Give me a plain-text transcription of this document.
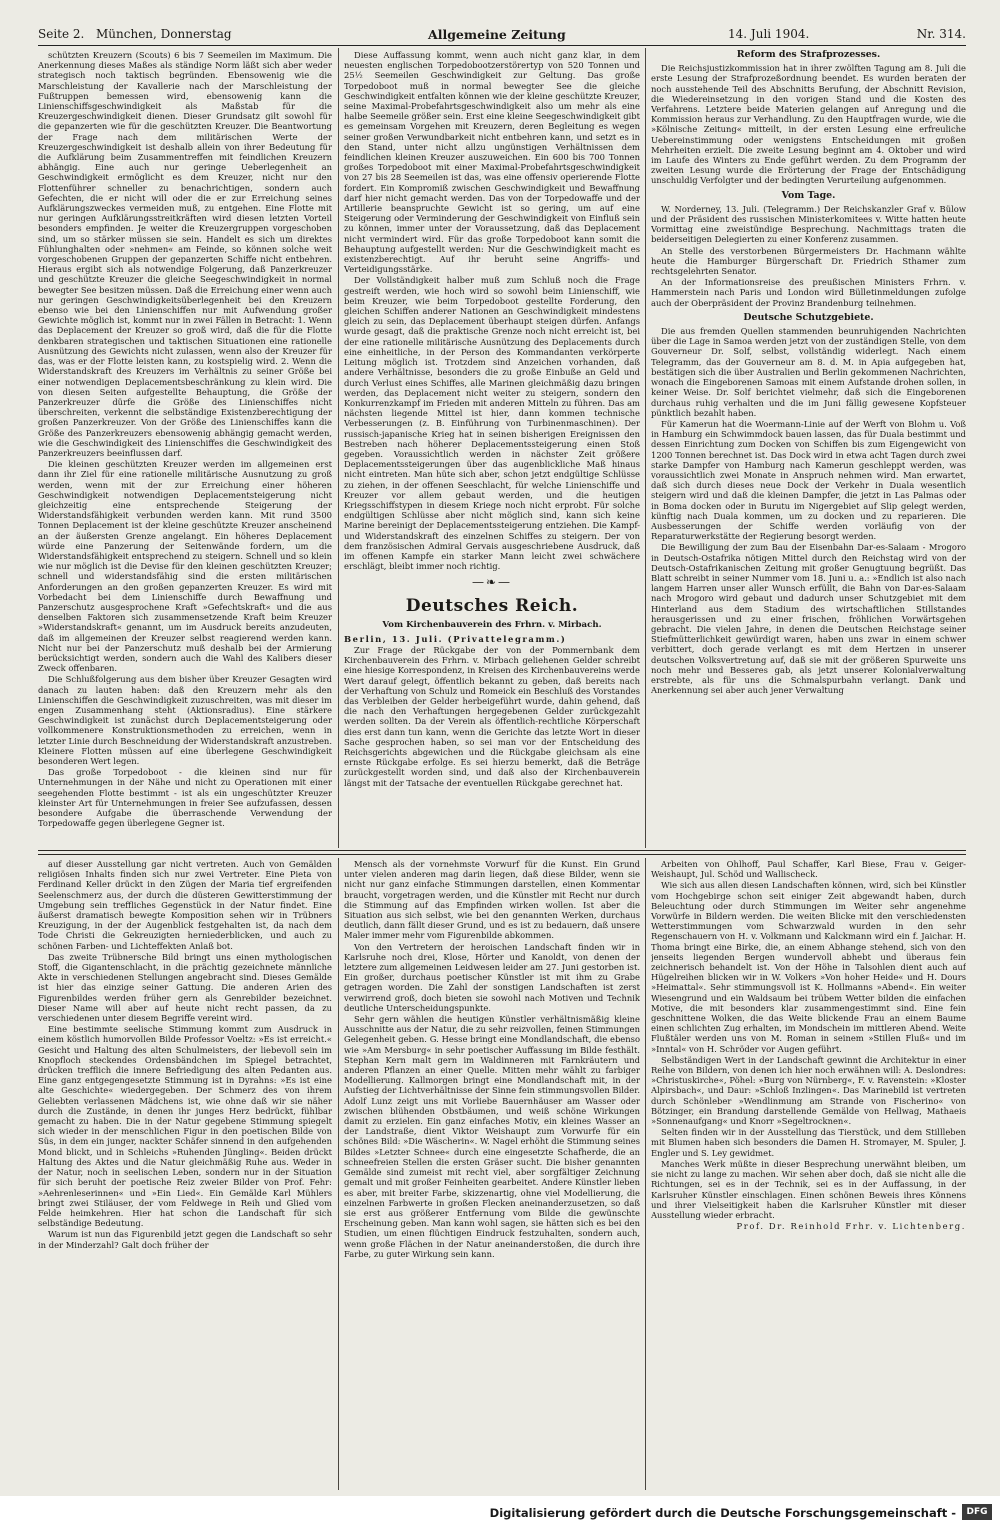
Seite 2. München, Donnerstag	Allgemeine Zeitung	14. Juli 1904.	Nr. 314.

schützten Kreuzern (Scouts) 6 bis 7 Seemeilen im Maximum. Die Anerkennung dieses Maßes als ständige Norm läßt sich aber weder strategisch noch taktisch begründen. Ebensowenig wie die Marschleistung der Kavallerie nach der Marschleistung der Fußtruppen bemessen wird, ebensowenig kann die Linienschiffsgeschwindigkeit als Maßstab für die Kreuzergeschwindigkeit dienen. Dieser Grundsatz gilt sowohl für die gepanzerten wie für die geschützten Kreuzer. Die Beantwortung der Frage nach dem militärischen Werte der Kreuzergeschwindigkeit ist deshalb allein von ihrer Bedeutung für die Aufklärung beim Zusammentreffen mit feindlichen Kreuzern abhängig. Eine auch nur geringe Ueberlegenheit an Geschwindigkeit ermöglicht es dem Kreuzer, nicht nur den Flottenführer schneller zu benachrichtigen, sondern auch Gefechten, die er nicht will oder die er zur Erreichung seines Aufklärungszweckes vermeiden muß, zu entgehen. Eine Flotte mit nur geringen Aufklärungsstreitkräften wird diesen letzten Vorteil besonders empfinden. Je weiter die Kreuzergruppen vorgeschoben sind, um so stärker müssen sie sein. Handelt es sich um direktes Fühlunghalten oder »nehmen« am Feinde, so können solche weit vorgeschobenen Gruppen der gepanzerten Schiffe nicht entbehren. Hieraus ergibt sich als notwendige Folgerung, daß Panzerkreuzer und geschützte Kreuzer die gleiche Seegeschwindigkeit in normal bewegter See besitzen müssen. Daß die Erreichung einer wenn auch nur geringen Geschwindigkeitsüberlegenheit bei den Kreuzern ebenso wie bei den Linienschiffen nur mit Aufwendung großer Gewichte möglich ist, kommt nur in zwei Fällen in Betracht: 1. Wenn das Deplacement der Kreuzer so groß wird, daß die für die Flotte denkbaren strategischen und taktischen Situationen eine rationelle Ausnützung des Gewichts nicht zulassen, wenn also der Kreuzer für das, was er der Flotte leisten kann, zu kostspielig wird. 2. Wenn die Widerstandskraft des Kreuzers im Verhältnis zu seiner Größe bei einer notwendigen Deplacementsbeschränkung zu klein wird. Die von diesen Seiten aufgestellte Behauptung, die Größe der Panzerkreuzer dürfe die Größe des Linienschiffes nicht überschreiten, verkennt die selbständige Existenzberechtigung der großen Panzerkreuzer. Von der Größe des Linienschiffes kann die Größe des Panzerkreuzers ebensowenig abhängig gemacht werden, wie die Geschwindigkeit des Linienschiffes die Geschwindigkeit des Panzerkreuzers beeinflussen darf.

Die kleinen geschützten Kreuzer werden im allgemeinen erst dann ihr Ziel für eine rationelle militärische Ausnutzung zu groß werden, wenn mit der zur Erreichung einer höheren Geschwindigkeit notwendigen Deplacementsteigerung nicht gleichzeitig eine entsprechende Steigerung der Widerstandsfähigkeit verbunden werden kann. Mit rund 3500 Tonnen Deplacement ist der kleine geschützte Kreuzer anscheinend an der äußersten Grenze angelangt. Ein höheres Deplacement würde eine Panzerung der Seitenwände fordern, um die Widerstandsfähigkeit entsprechend zu steigern. Schnell und so klein wie nur möglich ist die Devise für den kleinen geschützten Kreuzer; schnell und widerstandsfähig sind die ersten militärischen Anforderungen an den großen gepanzerten Kreuzer. Es wird mit Vorbedacht bei dem Linienschiffe durch Bewaffnung und Panzerschutz ausgesprochene Kraft »Gefechtskraft« und die aus denselben Faktoren sich zusammensetzende Kraft beim Kreuzer »Widerstandskraft« genannt, um im Ausdruck bereits anzudeuten, daß im allgemeinen der Kreuzer selbst reagierend werden kann. Nicht nur bei der Panzerschutz muß deshalb bei der Armierung berücksichtigt werden, sondern auch die Wahl des Kalibers dieser Zweck offenbaren.

Die Schlußfolgerung aus dem bisher über Kreuzer Gesagten wird danach zu lauten haben: daß den Kreuzern mehr als den Linienschiffen die Geschwindigkeit zuzuschreiten, was mit dieser im engen Zusammenhang steht (Aktionsradius). Eine stärkere Geschwindigkeit ist zunächst durch Deplacementsteigerung oder vollkommenere Konstruktionsmethoden zu erreichen, wenn in letzter Linie durch Beschneidung der Widerstandskraft anzustreben. Kleinere Flotten müssen auf eine überlegene Geschwindigkeit besonderen Wert legen.

Das große Torpedoboot - die kleinen sind nur für Unternehmungen in der Nähe und nicht zu Operationen mit einer seegehenden Flotte bestimmt - ist als ein ungeschützter Kreuzer kleinster Art für Unternehmungen in freier See aufzufassen, dessen besondere Aufgabe die überraschende Verwendung der Torpedowaffe gegen überlegene Gegner ist.

Diese Auffassung kommt, wenn auch nicht ganz klar, in dem neuesten englischen Torpedobootzerstörertyp von 520 Tonnen und 25½ Seemeilen Geschwindigkeit zur Geltung. Das große Torpedoboot muß in normal bewegter See die gleiche Geschwindigkeit entfalten können wie der kleine geschützte Kreuzer, seine Maximal-Probefahrtsgeschwindigkeit also um mehr als eine halbe Seemeile größer sein. Erst eine kleine Seegeschwindigkeit gibt es gemeinsam Vorgehen mit Kreuzern, deren Begleitung es wegen seiner großen Verwundbarkeit nicht entbehren kann, und setzt es in den Stand, unter nicht allzu ungünstigen Verhältnissen dem feindlichen kleinen Kreuzer auszuweichen. Ein 600 bis 700 Tonnen großes Torpedoboot mit einer Maximal-Probefahrtsgeschwindigkeit von 27 bis 28 Seemeilen ist das, was eine offensiv operierende Flotte fordert. Ein Kompromiß zwischen Geschwindigkeit und Bewaffnung darf hier nicht gemacht werden. Das von der Torpedowaffe und der Artillerie beanspruchte Gewicht ist so gering, um auf eine Steigerung oder Verminderung der Geschwindigkeit von Einfluß sein zu können, immer unter der Voraussetzung, daß das Deplacement nicht vermindert wird. Für das große Torpedoboot kann somit die Behauptung aufgestellt werden: Nur die Geschwindigkeit macht es existenzberechtigt. Auf ihr beruht seine Angriffs- und Verteidigungsstärke.

Der Vollständigkeit halber muß zum Schluß noch die Frage gestreift werden, wie hoch wird so sowohl beim Linienschiff, wie beim Kreuzer, wie beim Torpedoboot gestellte Forderung, den gleichen Schiffen anderer Nationen an Geschwindigkeit mindestens gleich zu sein, das Deplacement überhaupt steigen dürfen. Anfangs wurde gesagt, daß die praktische Grenze noch nicht erreicht ist, bei der eine rationelle militärische Ausnützung des Deplacements durch eine einheitliche, in der Person des Kommandanten verkörperte Leitung möglich ist. Trotzdem sind Anzeichen vorhanden, daß andere Verhältnisse, besonders die zu große Einbuße an Geld und durch Verlust eines Schiffes, alle Marinen gleichmäßig dazu bringen werden, das Deplacement nicht weiter zu steigern, sondern den Konkurrenzkampf im Frieden mit anderen Mitteln zu führen. Das am nächsten liegende Mittel ist hier, dann kommen technische Verbesserungen (z. B. Einführung von Turbinenmaschinen). Der russisch-japanische Krieg hat in seinen bisherigen Ereignissen den Bestreben nach höherer Deplacementssteigerung einen Stoß gegeben. Voraussichtlich werden in nächster Zeit größere Deplacementssteigerungen über das augenblickliche Maß hinaus nicht eintreten. Man hüte sich aber, schon jetzt endgültige Schlüsse zu ziehen, in der offenen Seeschlacht, für welche Linienschiffe und Kreuzer vor allem gebaut werden, und die heutigen Kriegsschiffstypen in diesem Kriege noch nicht erprobt. Für solche endgültigen Schlüsse aber nicht möglich sind, kann sich keine Marine bereinigt der Deplacementssteigerung entziehen. Die Kampf- und Widerstandskraft des einzelnen Schiffes zu steigern. Der von dem französischen Admiral Gervais ausgeschriebene Ausdruck, daß im offenen Kampfe ein starker Mann leicht zwei schwächere erschlägt, bleibt immer noch richtig.

—❧—
Deutsches Reich.
Vom Kirchenbauverein des Frhrn. v. Mirbach.

Berlin, 13. Juli. (Privattelegramm.)

Zur Frage der Rückgabe der von der Pommernbank dem Kirchenbauverein des Frhrn. v. Mirbach geliehenen Gelder schreibt eine hiesige Korrespondenz, in Kreisen des Kirchenbauvereins werde Wert darauf gelegt, öffentlich bekannt zu geben, daß bereits nach der Verhaftung von Schulz und Romeick ein Beschluß des Vorstandes das Verbleiben der Gelder herbeigeführt wurde, dahin gehend, daß die nach den Verhaftungen hergegebenen Gelder zurückgezahlt werden sollten. Da der Verein als öffentlich-rechtliche Körperschaft dies erst dann tun kann, wenn die Gerichte das letzte Wort in dieser Sache gesprochen haben, so sei man vor der Entscheidung des Reichsgerichts abgewichen und die Rückgabe gleichsam als eine ernste Rückgabe erfolge. Es sei hierzu bemerkt, daß die Beträge zurückgestellt worden sind, und daß also der Kirchenbauverein längst mit der Tatsache der eventuellen Rückgabe gerechnet hat.

Reform des Strafprozesses.

Die Reichsjustizkommission hat in ihrer zwölften Tagung am 8. Juli die erste Lesung der Strafprozeßordnung beendet. Es wurden beraten der noch ausstehende Teil des Abschnitts Berufung, der Abschnitt Revision, die Wiedereinsetzung in den vorigen Stand und die Kosten des Verfahrens. Letztere beide Materien gelangen auf Anregung und die Kommission heraus zur Verhandlung. Zu den Hauptfragen wurde, wie die »Kölnische Zeitung« mitteilt, in der ersten Lesung eine erfreuliche Uebereinstimmung oder wenigstens Entscheidungen mit großen Mehrheiten erzielt. Die zweite Lesung beginnt am 4. Oktober und wird im Laufe des Winters zu Ende geführt werden. Zu dem Programm der zweiten Lesung wurde die Erörterung der Frage der Entschädigung unschuldig Verfolgter und der bedingten Verurteilung aufgenommen.

Vom Tage.

W. Norderney, 13. Juli. (Telegramm.) Der Reichskanzler Graf v. Bülow und der Präsident des russischen Ministerkomitees v. Witte hatten heute Vormittag eine zweistündige Besprechung. Nachmittags traten die beiderseitigen Delegierten zu einer Konferenz zusammen.

An Stelle des verstorbenen Bürgermeisters Dr. Hachmann wählte heute die Hamburger Bürgerschaft Dr. Friedrich Sthamer zum rechtsgelehrten Senator.

An der Informationsreise des preußischen Ministers Frhrn. v. Hammerstein nach Paris und London wird Bülletinmeldungen zufolge auch der Oberpräsident der Provinz Brandenburg teilnehmen.

Deutsche Schutzgebiete.

Die aus fremden Quellen stammenden beunruhigenden Nachrichten über die Lage in Samoa werden jetzt von der zuständigen Stelle, von dem Gouverneur Dr. Solf, selbst, vollständig widerlegt. Nach einem Telegramm, das der Gouverneur am 8. d. M. in Apia aufgegeben hat, bestätigen sich die über Australien und Berlin gekommenen Nachrichten, wonach die Eingeborenen Samoas mit einem Aufstande drohen sollen, in keiner Weise. Dr. Solf berichtet vielmehr, daß sich die Eingeborenen durchaus ruhig verhalten und die im Juni fällig gewesene Kopfsteuer pünktlich bezahlt haben.

Für Kamerun hat die Woermann-Linie auf der Werft von Blohm u. Voß in Hamburg ein Schwimmdock bauen lassen, das für Duala bestimmt und dessen Einrichtung zum Docken von Schiffen bis zum Eigengewicht von 1200 Tonnen berechnet ist. Das Dock wird in etwa acht Tagen durch zwei starke Dampfer von Hamburg nach Kamerun geschleppt werden, was voraussichtlich zwei Monate in Anspruch nehmen wird. Man erwartet, daß sich durch dieses neue Dock der Verkehr in Duala wesentlich steigern wird und daß die kleinen Dampfer, die jetzt in Las Palmas oder in Boma docken oder in Burutu im Nigergebiet auf Slip gelegt werden, künftig nach Duala kommen, um zu docken und zu reparieren. Die Ausbesserungen der Schiffe werden vorläufig von der Reparaturwerkstätte der Regierung besorgt werden.

Die Bewilligung der zum Bau der Eisenbahn Dar-es-Salaam - Mrogoro in Deutsch-Ostafrika nötigen Mittel durch den Reichstag wird von der Deutsch-Ostafrikanischen Zeitung mit großer Genugtuung begrüßt. Das Blatt schreibt in seiner Nummer vom 18. Juni u. a.: »Endlich ist also nach langem Harren unser aller Wunsch erfüllt, die Bahn von Dar-es-Salaam nach Mrogoro wird gebaut und dadurch unser Schutzgebiet mit dem Hinterland aus dem Stadium des wirtschaftlichen Stillstandes herausgerissen und zu einer frischen, fröhlichen Vorwärtsgehen gebracht. Die vielen Jahre, in denen die Deutschen Reichstage seiner Stiefmütterlichkeit gewürdigt waren, haben uns zwar in einem schwer verbittert, doch gerade verlangt es mit dem Hertzen in unserer deutschen Volksvertretung auf, daß sie mit der größeren Spurweite uns noch mehr und Besseres gab, als jetzt unserer Kolonialverwaltung erstrebte, als für uns die Schmalspurbahn verlangt. Dank und Anerkennung sei aber auch jener Verwaltung

auf dieser Ausstellung gar nicht vertreten. Auch von Gemälden religiösen Inhalts finden sich nur zwei Vertreter. Eine Pieta von Ferdinand Keller drückt in den Zügen der Maria tief ergreifenden Seelenschmerz aus, der durch die düsteren Gewitterstimmung der Umgebung sein treffliches Gegenstück in der Natur findet. Eine äußerst dramatisch bewegte Komposition sehen wir in Trübners Kreuzigung, in der der Augenblick festgehalten ist, da nach dem Tode Christi die Gekreuzigten herniederblicken, und auch zu schönen Farben- und Lichteffekten Anlaß bot.

Das zweite Trübnersche Bild bringt uns einen mythologischen Stoff, die Gigantenschlacht, in die prächtig gezeichnete männliche Akte in verschiedenen Stellungen angebracht sind. Dieses Gemälde ist hier das einzige seiner Gattung. Die anderen Arien des Figurenbildes werden früher gern als Genrebilder bezeichnet. Dieser Name will aber auf heute nicht recht passen, da zu verschiedenen unter diesem Begriffe vereint wird.

Eine bestimmte seelische Stimmung kommt zum Ausdruck in einem köstlich humorvollen Bilde Professor Voeltz: »Es ist erreicht.« Gesicht und Haltung des alten Schulmeisters, der liebevoll sein im Knopfloch steckendes Ordensbändchen im Spiegel betrachtet, drücken trefflich die innere Befriedigung des alten Pedanten aus. Eine ganz entgegengesetzte Stimmung ist in Dyrahns: »Es ist eine alte Geschichte« wiedergegeben. Der Schmerz des von ihrem Geliebten verlassenen Mädchens ist, wie ohne daß wir sie näher durch die Zustände, in denen ihr junges Herz bedrückt, fühlbar gemacht zu haben. Die in der Natur gegebene Stimmung spiegelt sich wieder in der menschlichen Figur in den poetischen Bilde von Süs, in dem ein junger, nackter Schäfer sinnend in den aufgehenden Mond blickt, und in Schleichs »Ruhenden Jüngling«. Beiden drückt Haltung des Aktes und die Natur gleichmäßig Ruhe aus. Weder in der Natur, noch in seelischen Leben, sondern nur in der Situation für sich beruht der poetische Reiz zweier Bilder von Prof. Fehr: »Aehrenleserinnen« und »Ein Lied«. Ein Gemälde Karl Mühlers bringt zwei Stiläuser, der vom Feldwege in Reih und Glied vom Felde heimkehren. Hier hat schon die Landschaft für sich selbständige Bedeutung.

Warum ist nun das Figurenbild jetzt gegen die Landschaft so sehr in der Minderzahl? Galt doch früher der

Mensch als der vornehmste Vorwurf für die Kunst. Ein Grund unter vielen anderen mag darin liegen, daß diese Bilder, wenn sie nicht nur ganz einfache Stimmungen darstellen, einen Kommentar braucht, vorgetragen werden, und die Künstler mit Recht nur durch die Stimmung auf das Empfinden wirken wollen. Ist aber die Situation aus sich selbst, wie bei den genannten Werken, durchaus deutlich, dann fällt dieser Grund, und es ist zu bedauern, daß unsere Maler immer mehr vom Figurenbilde abkommen.

Von den Vertretern der heroischen Landschaft finden wir in Karlsruhe noch drei, Klose, Hörter und Kanoldt, von denen der letztere zum allgemeinen Leidwesen leider am 27. Juni gestorben ist. Ein großer, durchaus poetischer Künstler ist mit ihm zu Grabe getragen worden. Die Zahl der sonstigen Landschaften ist zerst verwirrend groß, doch bieten sie sowohl nach Motiven und Technik deutliche Unterscheidungspunkte.

Sehr gern wählen die heutigen Künstler verhältnismäßig kleine Ausschnitte aus der Natur, die zu sehr reizvollen, feinen Stimmungen Gelegenheit geben. G. Hesse bringt eine Mondlandschaft, die ebenso wie »Am Mersburg« in sehr poetischer Auffassung im Bilde festhält. Stephan Kern malt gern im Waldinneren mit Farnkräutern und anderen Pflanzen an einer Quelle. Mitten mehr wählt zu farbiger Modellierung. Kallmorgen bringt eine Mondlandschaft mit, in der Aufstieg der Lichtverhältnisse der Sinne fein stimmungsvollen Bilder. Adolf Lunz zeigt uns mit Vorliebe Bauernhäuser am Wasser oder zwischen blühenden Obstbäumen, und weiß schöne Wirkungen damit zu erzielen. Ein ganz einfaches Motiv, ein kleines Wasser an der Landstraße, dient Viktor Weishaupt zum Vorwurfe für ein schönes Bild: »Die Wäscherin«. W. Nagel erhöht die Stimmung seines Bildes »Letzter Schnee« durch eine eingesetzte Schafherde, die an schneefreien Stellen die ersten Gräser sucht. Die bisher genannten Gemälde sind zumeist mit recht viel, aber sorgfältiger Zeichnung gemalt und mit großer Feinheiten gearbeitet. Andere Künstler lieben es aber, mit breiter Farbe, skizzenartig, ohne viel Modellierung, die einzelnen Farbwerte in großen Flecken aneinanderzusetzen, so daß sie erst aus größerer Entfernung vom Bilde die gewünschte Erscheinung geben. Man kann wohl sagen, sie hätten sich es bei den Studien, um einen flüchtigen Eindruck festzuhalten, sondern auch, wenn große Flächen in der Natur aneinanderstoßen, die durch ihre Farbe, zu guter Wirkung sein kann.

Arbeiten von Ohlhoff, Paul Schaffer, Karl Biese, Frau v. Geiger-Weishaupt, Jul. Schöd und Wallischeck.

Wie sich aus allen diesen Landschaften können, wird, sich bei Künstler vom Hochgebirge schon seit einiger Zeit abgewandt haben, durch Beleuchtung oder durch Stimmungen im Weiter sehr angenehme Vorwürfe in Bildern werden. Die weiten Blicke mit den verschiedensten Wetterstimmungen vom Schwarzwald wurden in den sehr Regenschauern von H. v. Volkmann und Kalckmann wird ein f. Jaichar. H. Thoma bringt eine Birke, die, an einem Abhange stehend, sich von den jenseits liegenden Bergen wundervoll abhebt und überaus fein zeichnerisch behandelt ist. Von der Höhe in Talsohlen dient auch auf Hügelreihen blicken wir in W. Volkers »Von hoher Heide« und H. Dours »Heimattal«. Sehr stimmungsvoll ist K. Hollmanns »Abend«. Ein weiter Wiesengrund und ein Waldsaum bei trübem Wetter bilden die einfachen Motive, die mit besonders klar zusammengestimmt sind. Eine fein geschnittene Wolken, die das Weite blickende Frau an einem Baume einen schlichten Zug erhalten, im Mondschein im mittleren Abend. Weite Flußtäler werden uns von M. Roman in seinem »Stillen Fluß« und im »Inntal« von H. Schröder vor Augen geführt.

Selbständigen Wert in der Landschaft gewinnt die Architektur in einer Reihe von Bildern, von denen ich hier noch erwähnen will: A. Deslondres: »Christuskirche«, Pöhel: »Burg von Nürnberg«, F. v. Ravenstein: »Kloster Alpirsbach«, und Daur: »Schloß Inzlingen«. Das Marinebild ist vertreten durch Schönleber »Wendlinmung am Strande von Fischerino« von Bötzinger, ein Brandung darstellende Gemälde von Hellwag, Mathaeis »Sonnenaufgang« und Knorr »Segeltrocknen«.

Selten finden wir in der Ausstellung das Tierstück, und dem Stillleben mit Blumen haben sich besonders die Damen H. Stromayer, M. Spuler, J. Engler und S. Ley gewidmet.

Manches Werk müßte in dieser Besprechung unerwähnt bleiben, um sie nicht zu lange zu machen. Wir sehen aber doch, daß sie nicht alle die Richtungen, sei es in der Technik, sei es in der Auffassung, in der Karlsruher Künstler einschlagen. Einen schönen Beweis ihres Könnens und ihrer Vielseitigkeit haben die Karlsruher Künstler mit dieser Ausstellung wieder erbracht.

Prof. Dr. Reinhold Frhr. v. Lichtenberg.

Digitalisierung gefördert durch die Deutsche Forschungsgemeinschaft -	DFG
